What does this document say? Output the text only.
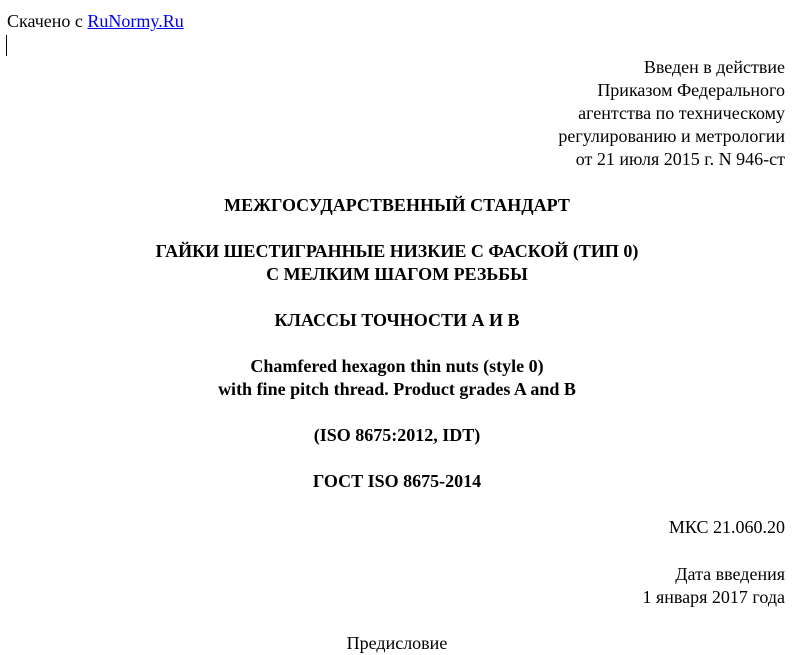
Скачено с RuNormy.Ru
Введен в действие
Приказом Федерального
агентства по техническому
регулированию и метрологии
от 21 июля 2015 г. N 946-ст
МЕЖГОСУДАРСТВЕННЫЙ СТАНДАРТ
ГАЙКИ ШЕСТИГРАННЫЕ НИЗКИЕ С ФАСКОЙ (ТИП 0)
С МЕЛКИМ ШАГОМ РЕЗЬБЫ
КЛАССЫ ТОЧНОСТИ А И В
Chamfered hexagon thin nuts (style 0)
with fine pitch thread. Product grades A and B
(ISO 8675:2012, IDT)
ГОСТ ISO 8675-2014
МКС 21.060.20
Дата введения
1 января 2017 года
Предисловие
